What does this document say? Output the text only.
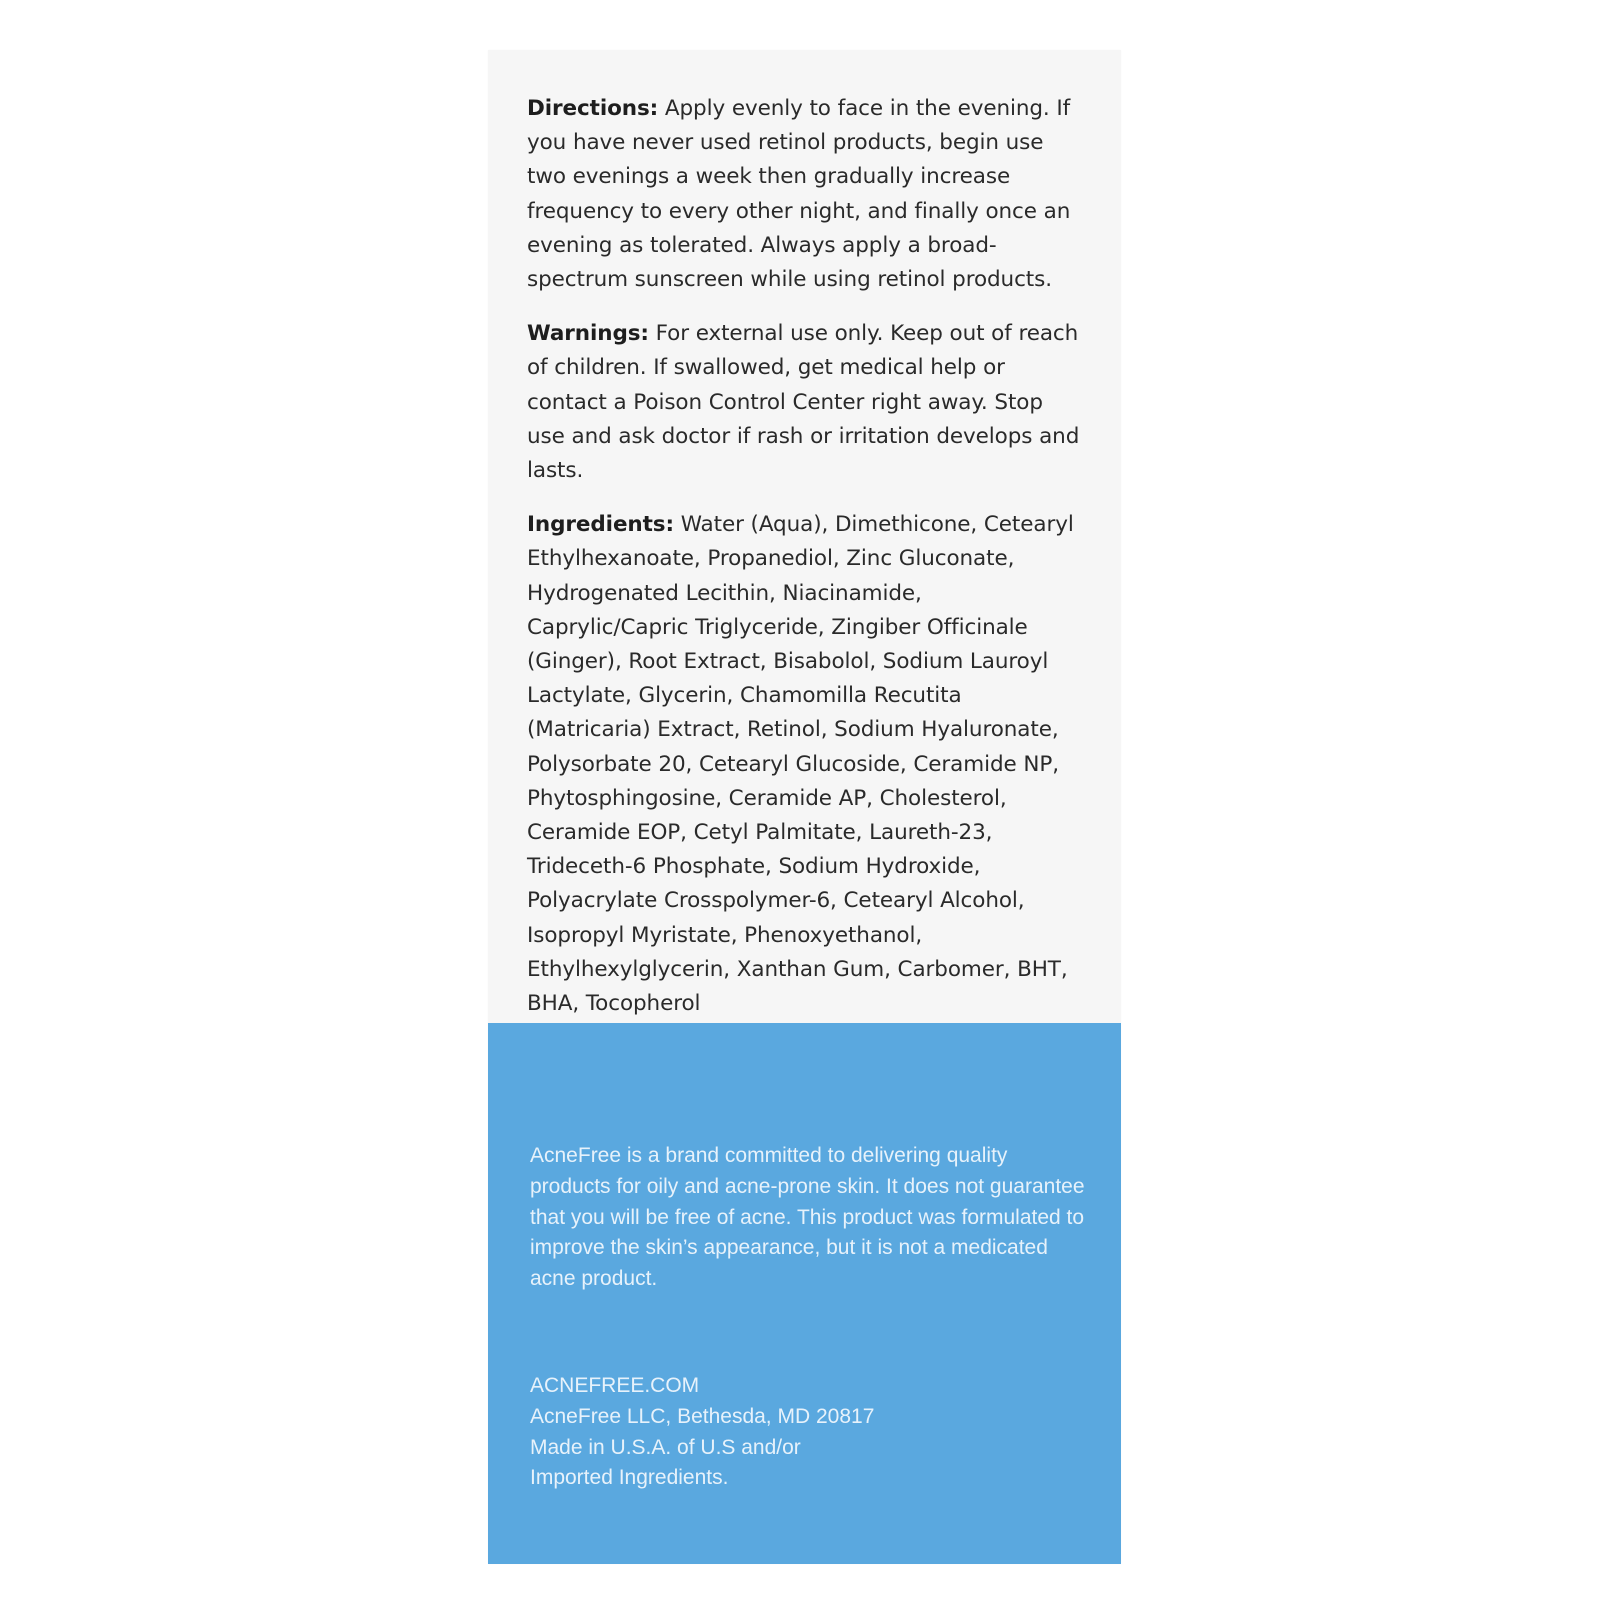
Directions: Apply evenly to face in the evening. If you have never used retinol products, begin use two evenings a week then gradually increase frequency to every other night, and finally once an evening as tolerated. Always apply a broad-spectrum sunscreen while using retinol products.

Warnings: For external use only. Keep out of reach of children. If swallowed, get medical help or contact a Poison Control Center right away. Stop use and ask doctor if rash or irritation develops and lasts.

Ingredients: Water (Aqua), Dimethicone, Cetearyl Ethylhexanoate, Propanediol, Zinc Gluconate, Hydrogenated Lecithin, Niacinamide, Caprylic/Capric Triglyceride, Zingiber Officinale (Ginger), Root Extract, Bisabolol, Sodium Lauroyl Lactylate, Glycerin, Chamomilla Recutita (Matricaria) Extract, Retinol, Sodium Hyaluronate, Polysorbate 20, Cetearyl Glucoside, Ceramide NP, Phytosphingosine, Ceramide AP, Cholesterol, Ceramide EOP, Cetyl Palmitate, Laureth-23, Trideceth-6 Phosphate, Sodium Hydroxide, Polyacrylate Crosspolymer-6, Cetearyl Alcohol, Isopropyl Myristate, Phenoxyethanol, Ethylhexylglycerin, Xanthan Gum, Carbomer, BHT, BHA, Tocopherol

AcneFree is a brand committed to delivering quality products for oily and acne-prone skin. It does not guarantee that you will be free of acne. This product was formulated to improve the skin’s appearance, but it is not a medicated acne product.
ACNEFREE.COM
AcneFree LLC, Bethesda, MD 20817
Made in U.S.A. of U.S and/or
Imported Ingredients.
